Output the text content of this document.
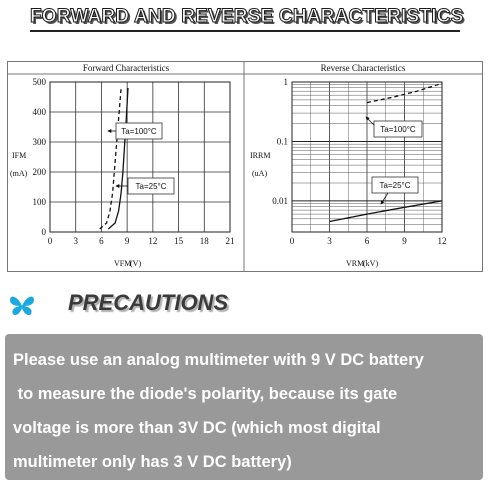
FORWARD AND REVERSE CHARACTERISTICS
Forward Characteristics	Reverse Characteristics
0 3 6 9 12 15 18 21
0
100
200
300
400
500
IFM
(mA)
VFM
(V)
Ta=100°C
Ta=25°C
0	3	6	9	12
1
0.1
0.01
IRRM
(uA)
VRM
(kV)
Ta=100°C
Ta=25°C
PRECAUTIONS
Please use an analog multimeter with 9 V DC battery
to measure the diode's polarity, because its gate
voltage is more than 3V DC (which most digital
multimeter only has 3 V DC battery)
